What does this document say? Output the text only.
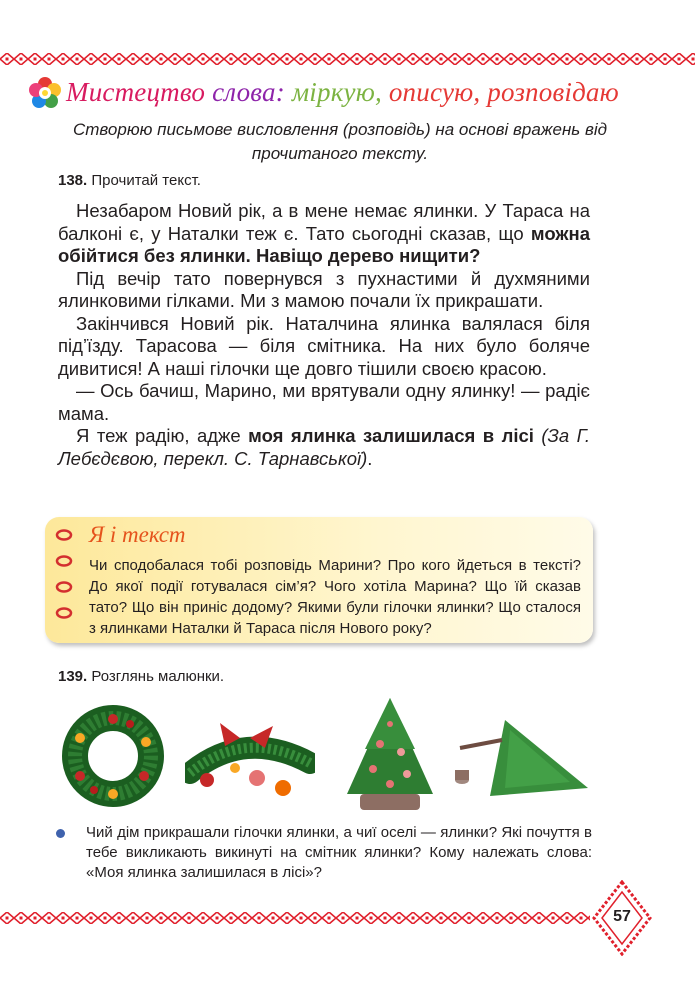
Мистецтво слова: міркую, описую, розповідаю
Створюю письмове висловлення (розповідь) на основі вражень від прочитаного тексту.
138. Прочитай текст.

Незабаром Новий рік, а в мене немає ялинки. У Тараса на балконі є, у Наталки теж є. Тато сьогодні сказав, що можна обійтися без ялинки. Навіщо дерево нищити?

Під вечір тато повернувся з пухнастими й духмяними ялинковими гілками. Ми з мамою почали їх прикрашати.

Закінчився Новий рік. Наталчина ялинка валялася біля під’їзду. Тарасова — біля смітника. На них було боляче дивитися! А наші гілочки ще довго тішили своєю красою.

— Ось бачиш, Марино, ми врятували одну ялинку! — радіє мама.

Я теж радію, адже моя ялинка залишилася в лісі (За Г. Лебєдєвою, перекл. С. Тарнавської).

Я і текст
Чи сподобалася тобі розповідь Марини? Про кого йдеться в тексті? До якої події готувалася сім’я? Чого хотіла Марина? Що їй сказав тато? Що він приніс додому? Якими були гілочки ялинки? Що сталося з ялинками Наталки й Тараса після Нового року?
139. Розглянь малюнки.
Чий дім прикрашали гілочки ялинки, а чиї оселі — ялинки? Які почуття в тебе викликають викинуті на смітник ялинки? Кому належать слова: «Моя ялинка залишилася в лісі»?
57
